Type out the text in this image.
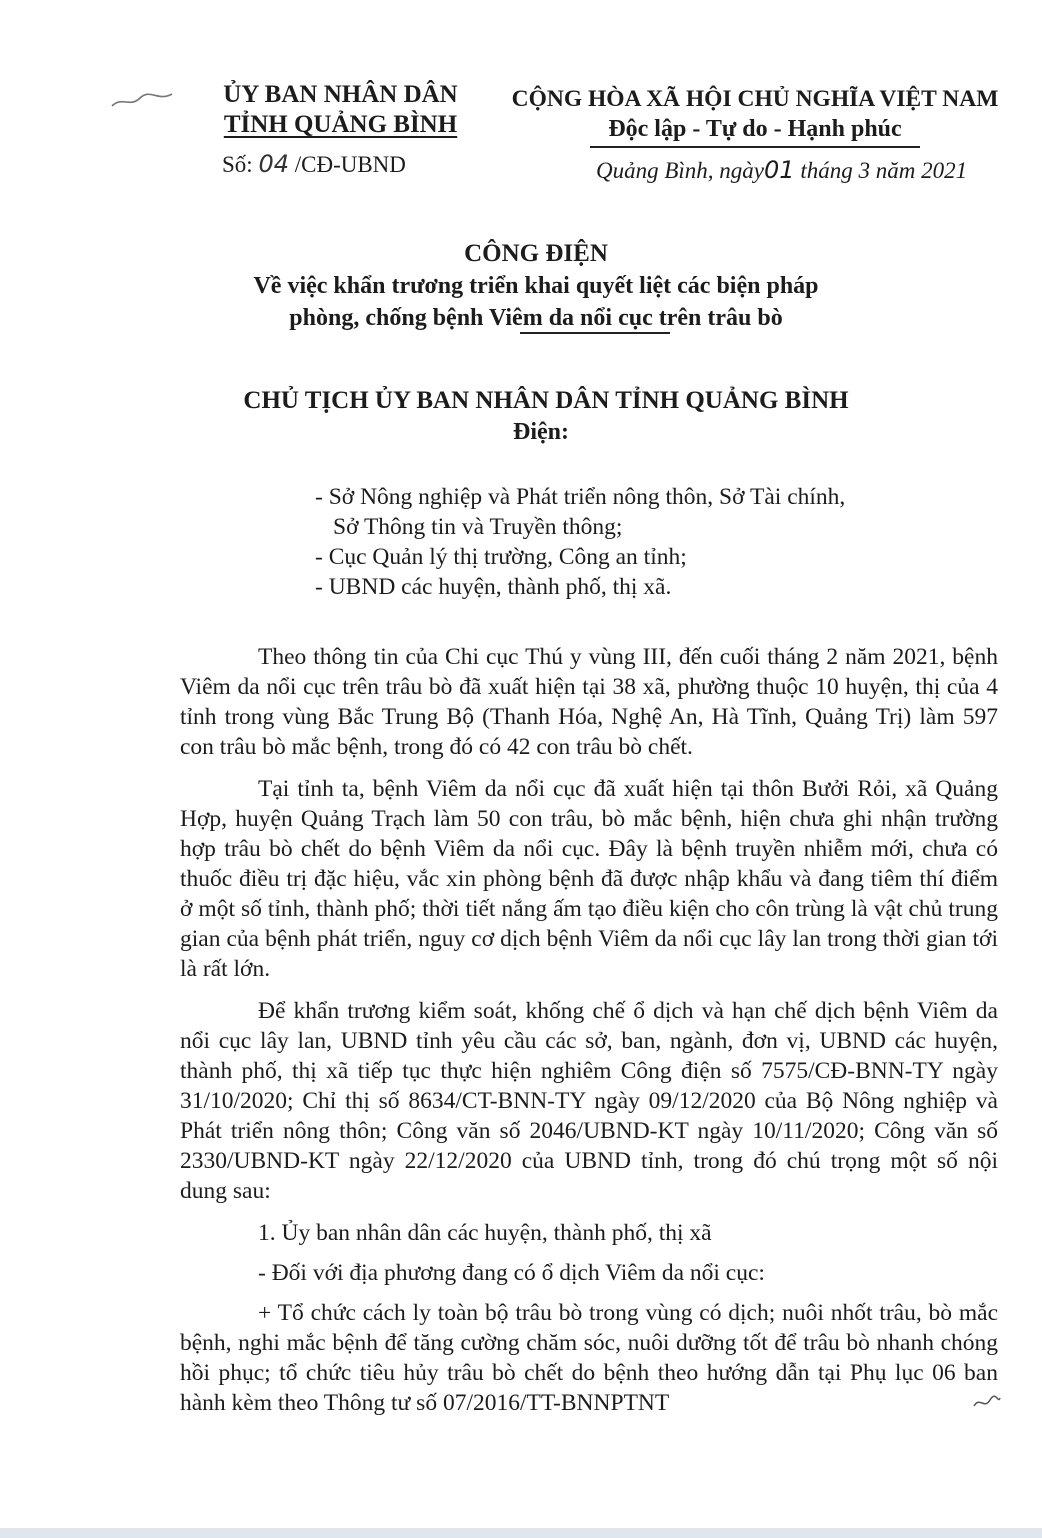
ỦY BAN NHÂN DÂN
TỈNH QUẢNG BÌNH
Số: 04 /CĐ-UBND
CỘNG HÒA XÃ HỘI CHỦ NGHĨA VIỆT NAM
Độc lập - Tự do - Hạnh phúc
Quảng Bình, ngày01 tháng 3 năm 2021
CÔNG ĐIỆN
Về việc khẩn trương triển khai quyết liệt các biện pháp
phòng, chống bệnh Viêm da nổi cục trên trâu bò
CHỦ TỊCH ỦY BAN NHÂN DÂN TỈNH QUẢNG BÌNH
Điện:
- Sở Nông nghiệp và Phát triển nông thôn, Sở Tài chính,
Sở Thông tin và Truyền thông;
- Cục Quản lý thị trường, Công an tỉnh;
- UBND các huyện, thành phố, thị xã.

Theo thông tin của Chi cục Thú y vùng III, đến cuối tháng 2 năm 2021, bệnh Viêm da nổi cục trên trâu bò đã xuất hiện tại 38 xã, phường thuộc 10 huyện, thị của 4 tỉnh trong vùng Bắc Trung Bộ (Thanh Hóa, Nghệ An, Hà Tĩnh, Quảng Trị) làm 597 con trâu bò mắc bệnh, trong đó có 42 con trâu bò chết.

Tại tỉnh ta, bệnh Viêm da nổi cục đã xuất hiện tại thôn Bưởi Rỏi, xã Quảng Hợp, huyện Quảng Trạch làm 50 con trâu, bò mắc bệnh, hiện chưa ghi nhận trường hợp trâu bò chết do bệnh Viêm da nổi cục. Đây là bệnh truyền nhiễm mới, chưa có thuốc điều trị đặc hiệu, vắc xin phòng bệnh đã được nhập khẩu và đang tiêm thí điểm ở một số tỉnh, thành phố; thời tiết nắng ấm tạo điều kiện cho côn trùng là vật chủ trung gian của bệnh phát triển, nguy cơ dịch bệnh Viêm da nổi cục lây lan trong thời gian tới là rất lớn.

Để khẩn trương kiểm soát, khống chế ổ dịch và hạn chế dịch bệnh Viêm da nổi cục lây lan, UBND tỉnh yêu cầu các sở, ban, ngành, đơn vị, UBND các huyện, thành phố, thị xã tiếp tục thực hiện nghiêm Công điện số 7575/CĐ-BNN-TY ngày 31/10/2020; Chỉ thị số 8634/CT-BNN-TY ngày 09/12/2020 của Bộ Nông nghiệp và Phát triển nông thôn; Công văn số 2046/UBND-KT ngày 10/11/2020; Công văn số 2330/UBND-KT ngày 22/12/2020 của UBND tỉnh, trong đó chú trọng một số nội dung sau:

1. Ủy ban nhân dân các huyện, thành phố, thị xã

- Đối với địa phương đang có ổ dịch Viêm da nổi cục:

+ Tổ chức cách ly toàn bộ trâu bò trong vùng có dịch; nuôi nhốt trâu, bò mắc bệnh, nghi mắc bệnh để tăng cường chăm sóc, nuôi dưỡng tốt để trâu bò nhanh chóng hồi phục; tổ chức tiêu hủy trâu bò chết do bệnh theo hướng dẫn tại Phụ lục 06 ban hành kèm theo Thông tư số 07/2016/TT-BNNPTNT
